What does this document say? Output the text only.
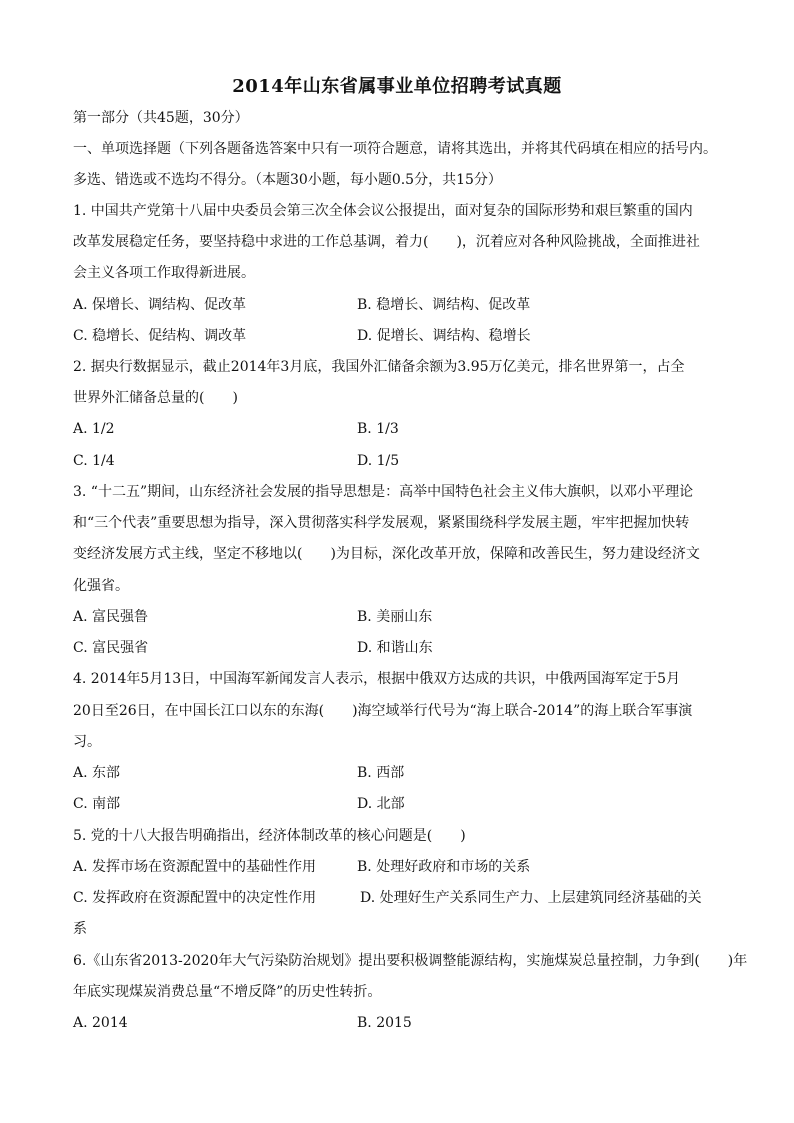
2014年山东省属事业单位招聘考试真题
第一部分（共45题，30分）
一、单项选择题（下列各题备选答案中只有一项符合题意，请将其选出，并将其代码填在相应的括号内。
多选、错选或不选均不得分。（本题30小题，每小题0.5分，共15分）
1. 中国共产党第十八届中央委员会第三次全体会议公报提出，面对复杂的国际形势和艰巨繁重的国内
改革发展稳定任务，要坚持稳中求进的工作总基调，着力(　　)，沉着应对各种风险挑战，全面推进社
会主义各项工作取得新进展。
A. 保增长、调结构、促改革	B. 稳增长、调结构、促改革
C. 稳增长、促结构、调改革	D. 促增长、调结构、稳增长
2. 据央行数据显示，截止2014年3月底，我国外汇储备余额为3.95万亿美元，排名世界第一，占全
世界外汇储备总量的(　　)
A. 1/2	B. 1/3
C. 1/4	D. 1/5
3. “十二五”期间，山东经济社会发展的指导思想是：高举中国特色社会主义伟大旗帜，以邓小平理论
和“三个代表”重要思想为指导，深入贯彻落实科学发展观，紧紧围绕科学发展主题，牢牢把握加快转
变经济发展方式主线，坚定不移地以(　　)为目标，深化改革开放，保障和改善民生，努力建设经济文
化强省。
A. 富民强鲁	B. 美丽山东
C. 富民强省	D. 和谐山东
4. 2014年5月13日，中国海军新闻发言人表示，根据中俄双方达成的共识，中俄两国海军定于5月
20日至26日，在中国长江口以东的东海(　　)海空域举行代号为“海上联合-2014”的海上联合军事演
习。
A. 东部	B. 西部
C. 南部	D. 北部
5. 党的十八大报告明确指出，经济体制改革的核心问题是(　　)
A. 发挥市场在资源配置中的基础性作用	B. 处理好政府和市场的关系
C. 发挥政府在资源配置中的决定性作用	D. 处理好生产关系同生产力、上层建筑同经济基础的关
系
6.《山东省2013-2020年大气污染防治规划》提出要积极调整能源结构，实施煤炭总量控制，力争到(　　)年
年底实现煤炭消费总量“不增反降”的历史性转折。
A. 2014	B. 2015
